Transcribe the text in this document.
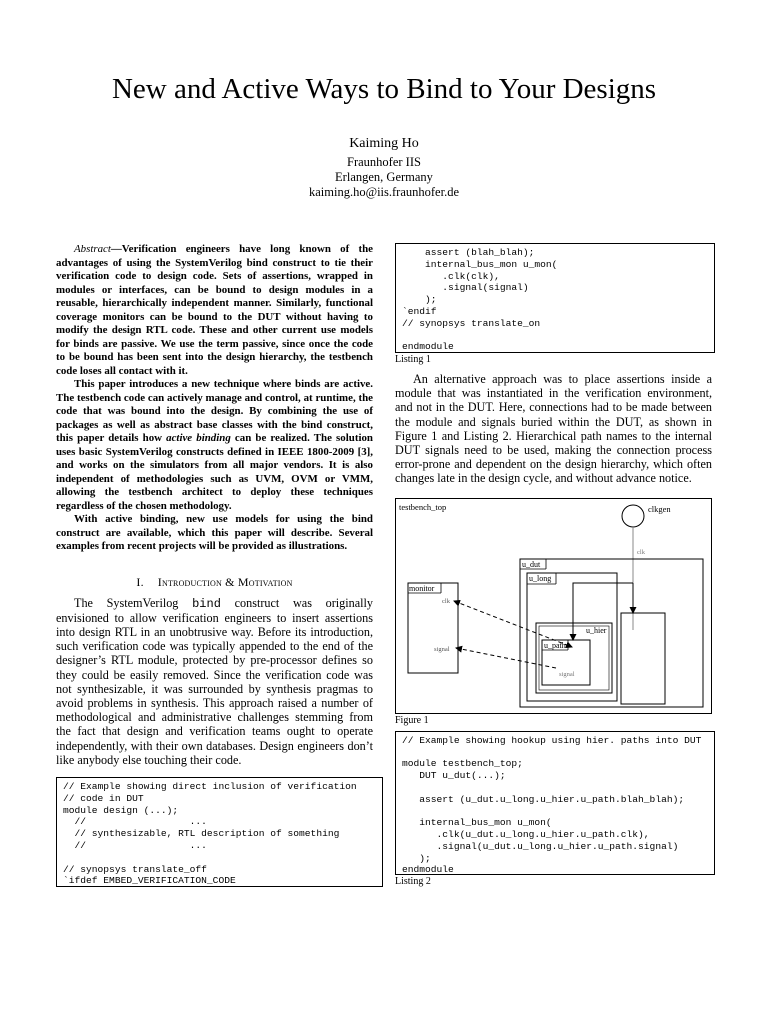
New and Active Ways to Bind to Your Designs
Kaiming Ho
Fraunhofer IIS
Erlangen, Germany
kaiming.ho@iis.fraunhofer.de

Abstract—Verification engineers have long known of the advantages of using the SystemVerilog bind construct to tie their verification code to design code. Sets of assertions, wrapped in modules or interfaces, can be bound to design modules in a reusable, hierarchically independent manner. Similarly, functional coverage monitors can be bound to the DUT without having to modify the design RTL code. These and other current use models for binds are passive. We use the term passive, since once the code to be bound has been sent into the design hierarchy, the testbench code loses all contact with it.

This paper introduces a new technique where binds are active. The testbench code can actively manage and control, at runtime, the code that was bound into the design. By combining the use of packages as well as abstract base classes with the bind construct, this paper details how active binding can be realized. The solution uses basic SystemVerilog constructs defined in IEEE 1800-2009 [3], and works on the simulators from all major vendors. It is also independent of methodologies such as UVM, OVM or VMM, allowing the testbench architect to deploy these techniques regardless of the chosen methodology.

With active binding, new use models for using the bind construct are available, which this paper will describe. Several examples from recent projects will be provided as illustrations.

I. Introduction & Motivation

The SystemVerilog bind construct was originally envisioned to allow verification engineers to insert assertions into design RTL in an unobtrusive way. Before its introduction, such verification code was typically appended to the end of the designer’s RTL module, protected by pre-processor defines so they could be easily removed. Since the verification code was not synthesizable, it was surrounded by synthesis pragmas to avoid problems in synthesis. This approach raised a number of methodological and administrative challenges stemming from the fact that design and verification teams ought to operate independently, with their own databases. Design engineers don’t like anybody else touching their code.

// Example showing direct inclusion of verification
// code in DUT
module design (...);
//                  ...
// synthesizable, RTL description of something
//                  ...

// synopsys translate_off
`ifdef EMBED_VERIFICATION_CODE
assert (blah_blah);
internal_bus_mon u_mon(
.clk(clk),
.signal(signal)
);
`endif
// synopsys translate_on

endmodule
Listing 1

An alternative approach was to place assertions inside a module that was instantiated in the verification environment, and not in the DUT. Here, connections had to be made between the module and signals buried within the DUT, as shown in Figure 1 and Listing 2. Hierarchical path names to the internal DUT signals need to be used, making the connection process error-prone and dependent on the design hierarchy, which often changes late in the design cycle, and without advance notice.

testbench_top	clkgen
clk
u_dut
u_long
u_hier
u_path
signal
monitor
clk
signal
Figure 1
// Example showing hookup using hier. paths into DUT

module testbench_top;
DUT u_dut(...);

assert (u_dut.u_long.u_hier.u_path.blah_blah);

internal_bus_mon u_mon(
.clk(u_dut.u_long.u_hier.u_path.clk),
.signal(u_dut.u_long.u_hier.u_path.signal)
);
endmodule
Listing 2
